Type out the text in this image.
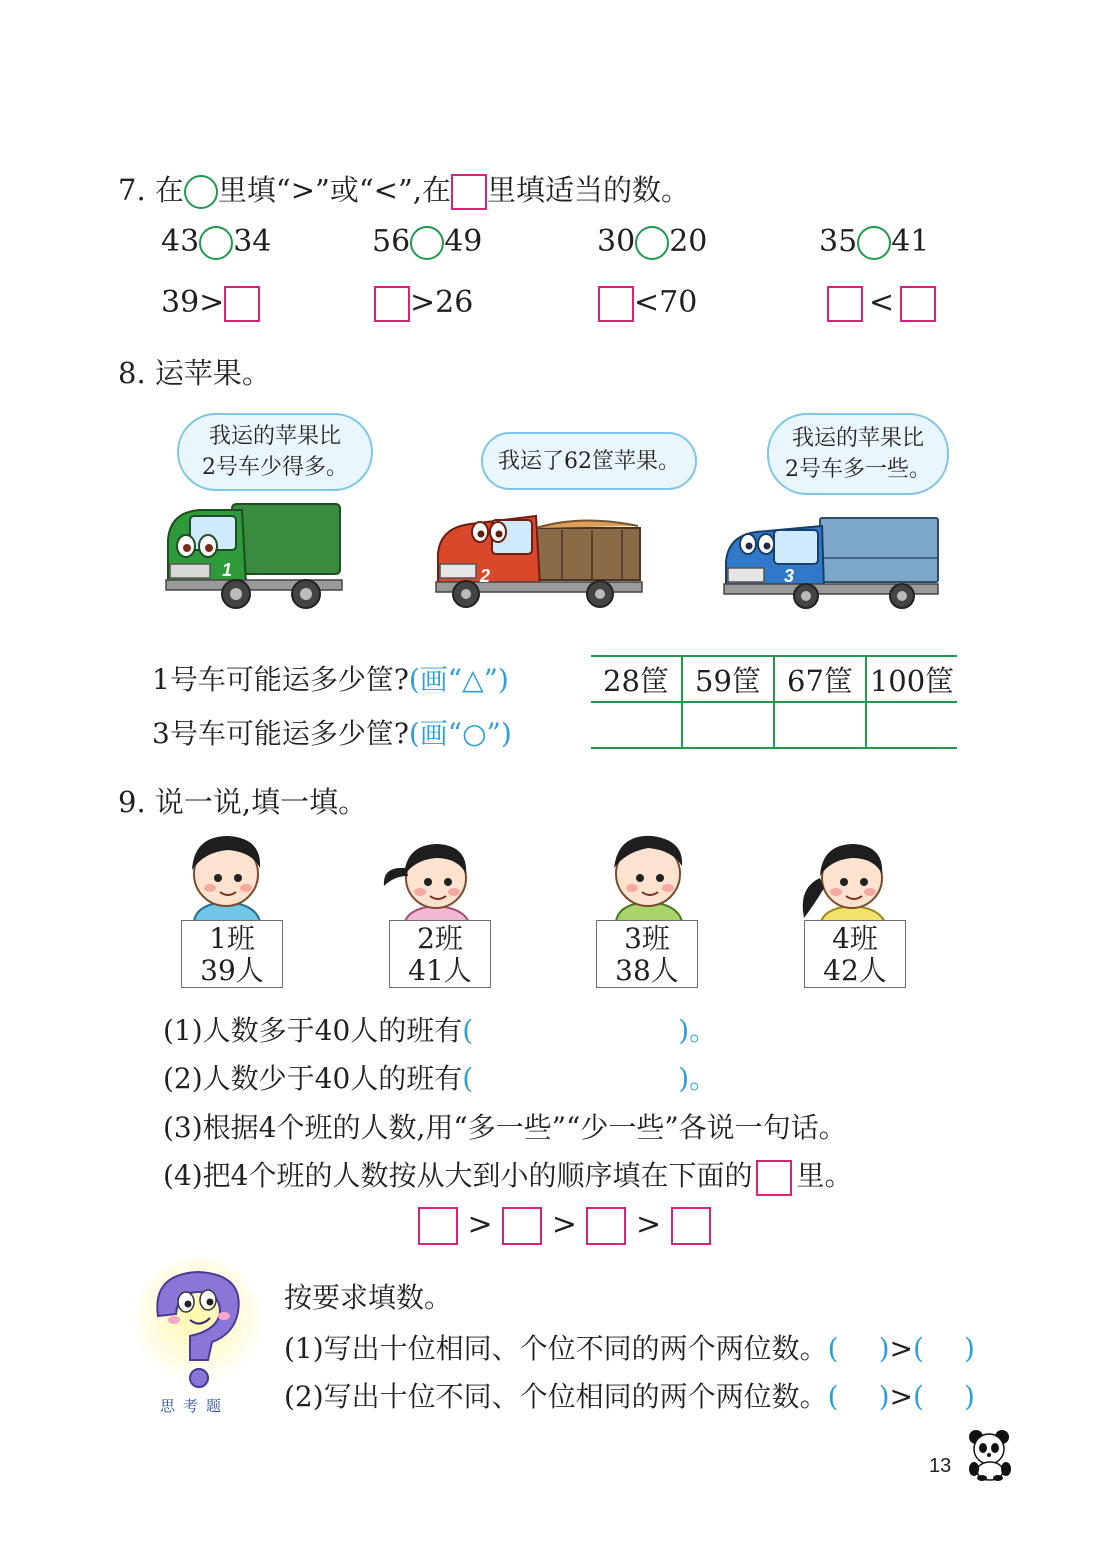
7. 在 里填“>”或“<”,在 里填适当的数。
43 34	56 49	30 20	35 41
39>	>26	<70	<
8. 运苹果。
我运的苹果比
2号车少得多。	我运了62筐苹果。
我运的苹果比
2号车多一些。
1	2	3
1号车可能运多少筐?(画“△”)
3号车可能运多少筐?(画“○”)
28筐	59筐	67筐	100筐

9. 说一说,填一填。
1班
39人
2班
41人
3班
38人
4班
42人
(1)人数多于40人的班有(	)。
(2)人数少于40人的班有(	)。
(3)根据4个班的人数,用“多一些”“少一些”各说一句话。
(4)把4个班的人数按从大到小的顺序填在下面的 里。
> > >
思考题
按要求填数。
(1)写出十位相同、个位不同的两个两位数。( )>( )
(2)写出十位不同、个位相同的两个两位数。( )>( )
13
